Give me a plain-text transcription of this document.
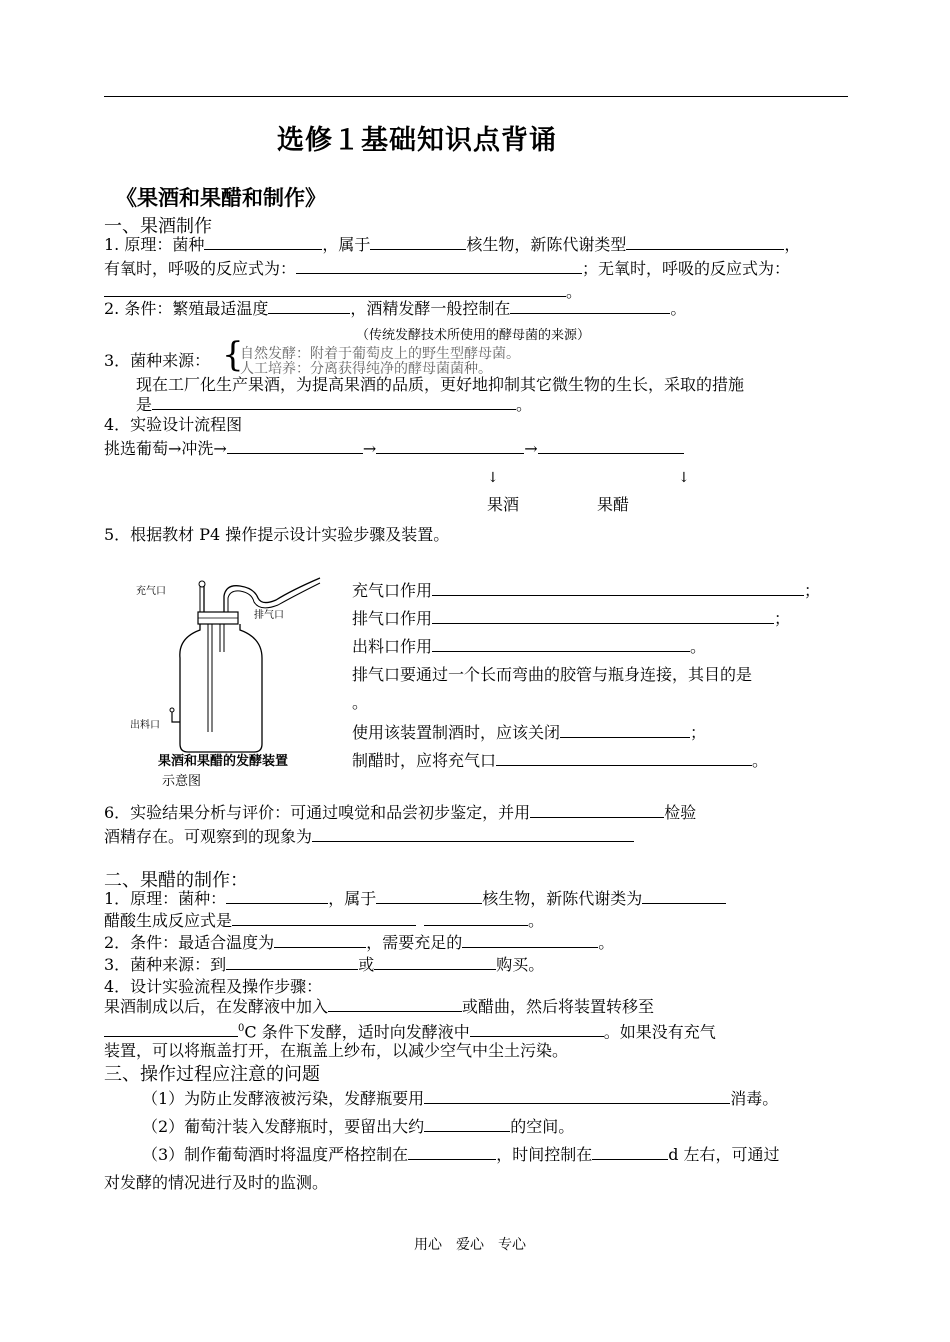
选修１基础知识点背诵
《果酒和果醋和制作》
一、果酒制作
1. 原理：菌种	，属于	核生物，新陈代谢类型	，
有氧时，呼吸的反应式为：	；无氧时，呼吸的反应式为：
。
2. 条件：繁殖最适温度	，酒精发酵一般控制在	。
（传统发酵技术所使用的酵母菌的来源）
3．菌种来源： {
自然发酵：附着于葡萄皮上的野生型酵母菌。
人工培养：分离获得纯净的酵母菌菌种。
现在工厂化生产果酒，为提高果酒的品质，更好地抑制其它微生物的生长，采取的措施
是	。
4．实验设计流程图
挑选葡萄→冲洗→	→	→
↓	↓
果酒	果醋
5．根据教材 P4 操作提示设计实验步骤及装置。
充气口
排气口
出料口
果酒和果醋的发酵装置
示意图
充气口作用	；
排气口作用	；
出料口作用	。
排气口要通过一个长而弯曲的胶管与瓶身连接，其目的是
。
使用该装置制酒时，应该关闭	；
制醋时，应将充气口	。
6．实验结果分析与评价：可通过嗅觉和品尝初步鉴定，并用	检验
酒精存在。可观察到的现象为
二、果醋的制作：
1．原理：菌种：	，属于	核生物，新陈代谢类为
醋酸生成反应式是	。
2．条件：最适合温度为	，需要充足的	。
3．菌种来源：到	或	购买。
4．设计实验流程及操作步骤：
果酒制成以后，在发酵液中加入	或醋曲，然后将装置转移至
$^0$C 条件下发酵，适时向发酵液中	。如果没有充气
装置，可以将瓶盖打开，在瓶盖上纱布，以减少空气中尘土污染。
三、操作过程应注意的问题
（1）为防止发酵液被污染，发酵瓶要用	消毒。
（2）葡萄汁装入发酵瓶时，要留出大约	的空间。
（3）制作葡萄酒时将温度严格控制在	，时间控制在	d 左右，可通过
对发酵的情况进行及时的监测。
用心　爱心　专心
